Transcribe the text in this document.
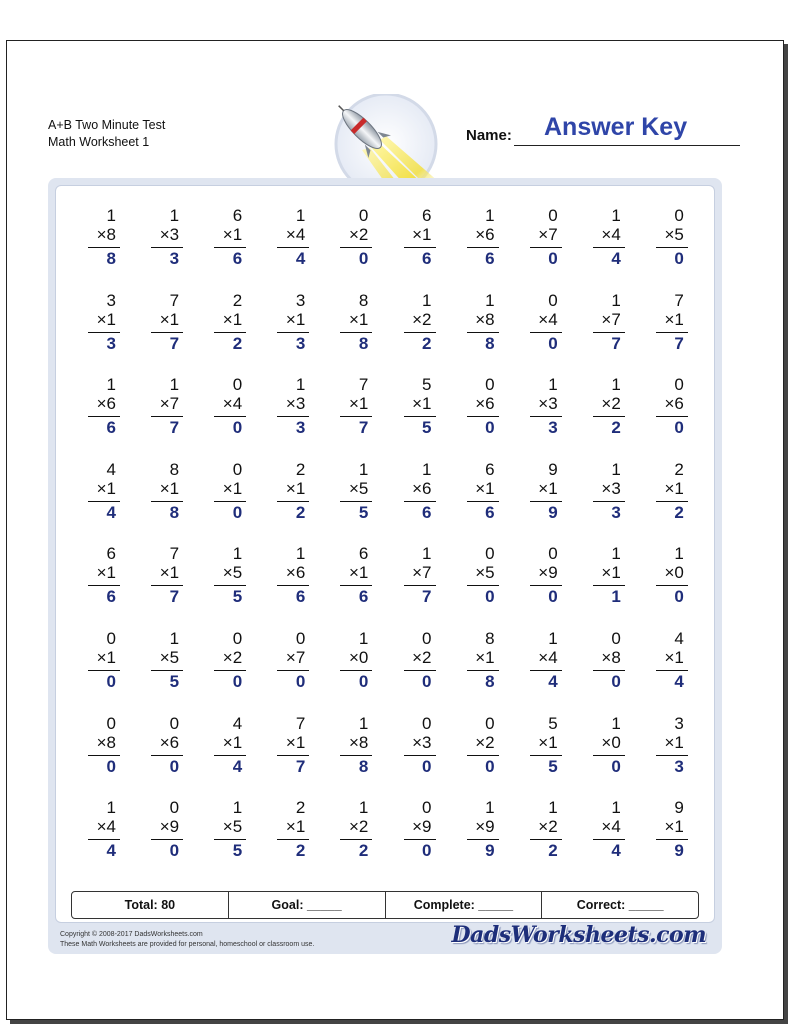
A+B Two Minute Test
Math Worksheet 1	Name: Answer Key
1
×8
8
1
×3
3
6
×1
6
1
×4
4
0
×2
0
6
×1
6
1
×6
6
0
×7
0
1
×4
4
0
×5
0
3
×1
3
7
×1
7
2
×1
2
3
×1
3
8
×1
8
1
×2
2
1
×8
8
0
×4
0
1
×7
7
7
×1
7
1
×6
6
1
×7
7
0
×4
0
1
×3
3
7
×1
7
5
×1
5
0
×6
0
1
×3
3
1
×2
2
0
×6
0
4
×1
4
8
×1
8
0
×1
0
2
×1
2
1
×5
5
1
×6
6
6
×1
6
9
×1
9
1
×3
3
2
×1
2
6
×1
6
7
×1
7
1
×5
5
1
×6
6
6
×1
6
1
×7
7
0
×5
0
0
×9
0
1
×1
1
1
×0
0
0
×1
0
1
×5
5
0
×2
0
0
×7
0
1
×0
0
0
×2
0
8
×1
8
1
×4
4
0
×8
0
4
×1
4
0
×8
0
0
×6
0
4
×1
4
7
×1
7
1
×8
8
0
×3
0
0
×2
0
5
×1
5
1
×0
0
3
×1
3
1
×4
4
0
×9
0
1
×5
5
2
×1
2
1
×2
2
0
×9
0
1
×9
9
1
×2
2
1
×4
4
9
×1
9
Total: 80	Goal: _____	Complete: _____	Correct: _____
Copyright © 2008-2017 DadsWorksheets.com
These Math Worksheets are provided for personal, homeschool or classroom use.	DadsWorksheets.com
